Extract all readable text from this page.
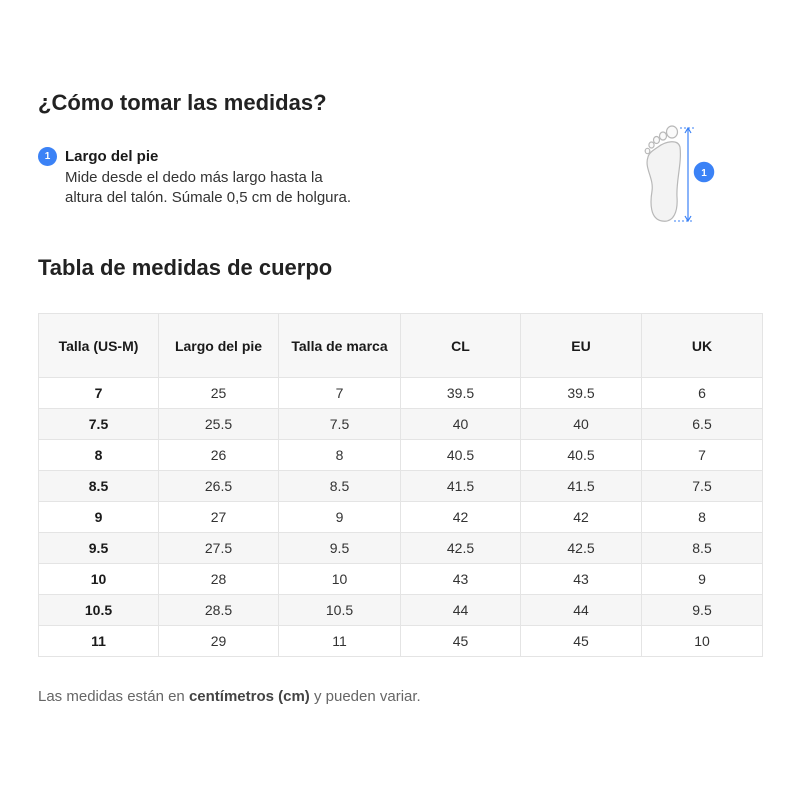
¿Cómo tomar las medidas?
1 Largo del pie
Mide desde el dedo más largo hasta la
altura del talón. Súmale 0,5 cm de holgura.
1
Tabla de medidas de cuerpo
Talla (US-M)	Largo del pie	Talla de marca	CL	EU	UK
7	25	7	39.5	39.5	6
7.5	25.5	7.5	40	40	6.5
8	26	8	40.5	40.5	7
8.5	26.5	8.5	41.5	41.5	7.5
9	27	9	42	42	8
9.5	27.5	9.5	42.5	42.5	8.5
10	28	10	43	43	9
10.5	28.5	10.5	44	44	9.5
11	29	11	45	45	10
Las medidas están en centímetros (cm) y pueden variar.
